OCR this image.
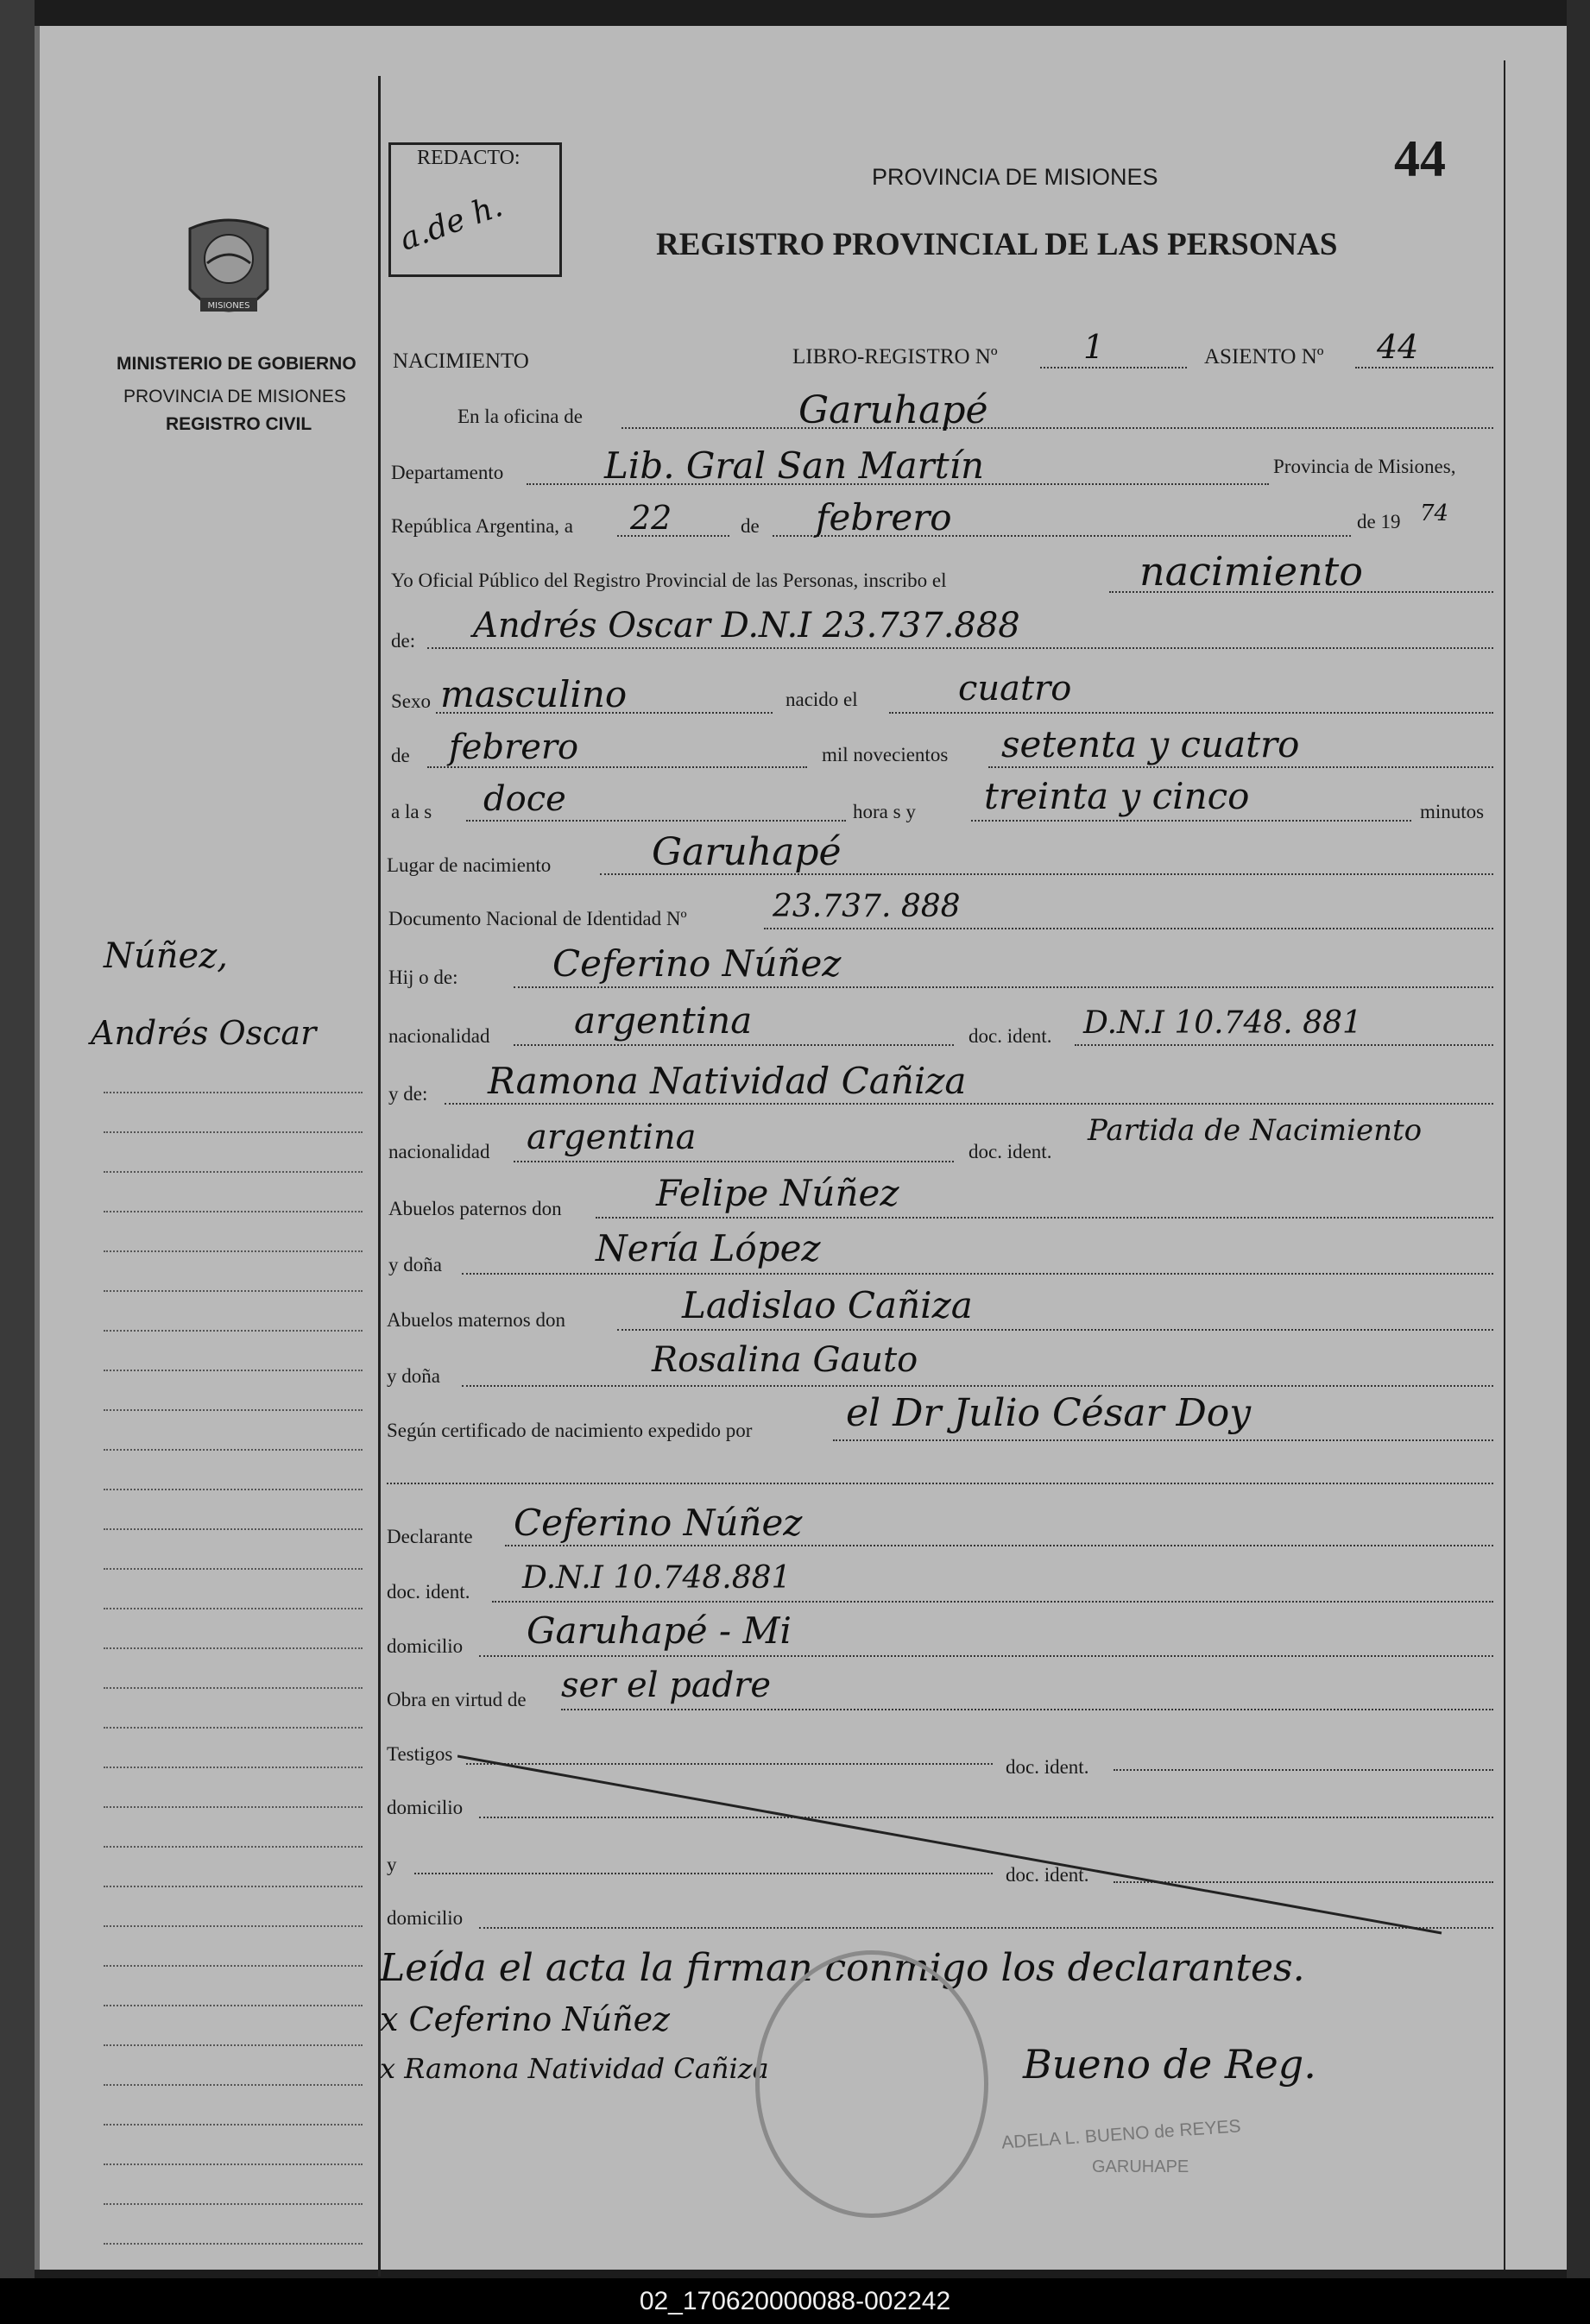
44
MISIONES
MINISTERIO DE GOBIERNO
PROVINCIA DE MISIONES
REGISTRO CIVIL
Núñez,
Andrés Oscar
REDACTO:
a.de h.
PROVINCIA DE MISIONES
REGISTRO PROVINCIAL DE LAS PERSONAS
NACIMIENTO	LIBRO-REGISTRO Nº	1	ASIENTO Nº 44
En la oficina de	Garuhapé
Departamento	Lib. Gral San Martín	Provincia de Misiones,
República Argentina, a 22	de febrero	de 19 74
Yo Oficial Público del Registro Provincial de las Personas, inscribo el	nacimiento
de: Andrés Oscar D.N.I 23.737.888
Sexo masculino	nacido el	cuatro
de febrero	mil novecientos setenta y cuatro
a la s doce	hora s y treinta y cinco	minutos
Lugar de nacimiento	Garuhapé
Documento Nacional de Identidad Nº	23.737. 888
Hij o de:	Ceferino Núñez
nacionalidad argentina	doc. ident. D.N.I 10.748. 881
y de: Ramona Natividad Cañiza
nacionalidad argentina	doc. ident.
Partida de Nacimiento
Abuelos paternos don	Felipe Núñez
y doña	Nería López
Abuelos maternos don	Ladislao Cañiza
y doña	Rosalina Gauto
Según certificado de nacimiento expedido por el Dr Julio César Doy
Declarante Ceferino Núñez
doc. ident. D.N.I 10.748.881
domicilio Garuhapé - Mi
Obra en virtud de ser el padre
Testigos
doc. ident.
domicilio
y	doc. ident.
domicilio
Leída el acta la firman conmigo los declarantes.
x Ceferino Núñez
x Ramona Natividad Cañiza	Bueno de Reg.
ADELA L. BUENO de REYES
GARUHAPE
02_170620000088-002242
